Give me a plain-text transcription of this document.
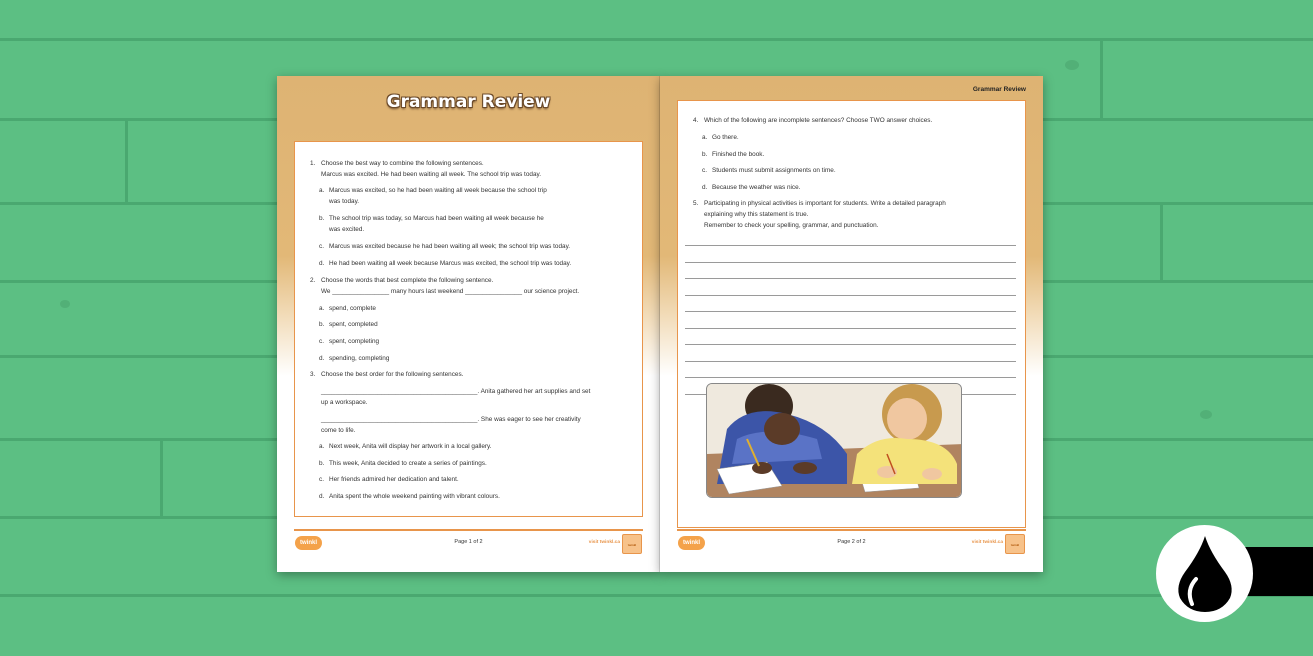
Grammar Review
1. Choose the best way to combine the following sentences.
Marcus was excited. He had been waiting all week. The school trip was today.
a. Marcus was excited, so he had been waiting all week because the school trip
was today.
b. The school trip was today, so Marcus had been waiting all week because he
was excited.
c. Marcus was excited because he had been waiting all week; the school trip was today.
d. He had been waiting all week because Marcus was excited, the school trip was today.
2. Choose the words that best complete the following sentence.
We ________________ many hours last weekend ________________ our science project.
a. spend, complete
b. spent, completed
c. spent, completing
d. spending, completing
3. Choose the best order for the following sentences.
____________________________________________. Anita gathered her art supplies and set
up a workspace.
____________________________________________. She was eager to see her creativity
come to life.
a. Next week, Anita will display her artwork in a local gallery.
b. This week, Anita decided to create a series of paintings.
c. Her friends admired her dedication and talent.
d. Anita spent the whole weekend painting with vibrant colours.
twinkl	Page 1 of 2	visit twinkl.ca	twinkl
Grammar Review
4. Which of the following are incomplete sentences? Choose TWO answer choices.
a. Go there.
b. Finished the book.
c. Students must submit assignments on time.
d. Because the weather was nice.
5. Participating in physical activities is important for students. Write a detailed paragraph
explaining why this statement is true.
Remember to check your spelling, grammar, and punctuation.
twinkl	Page 2 of 2	visit twinkl.ca	twinkl
